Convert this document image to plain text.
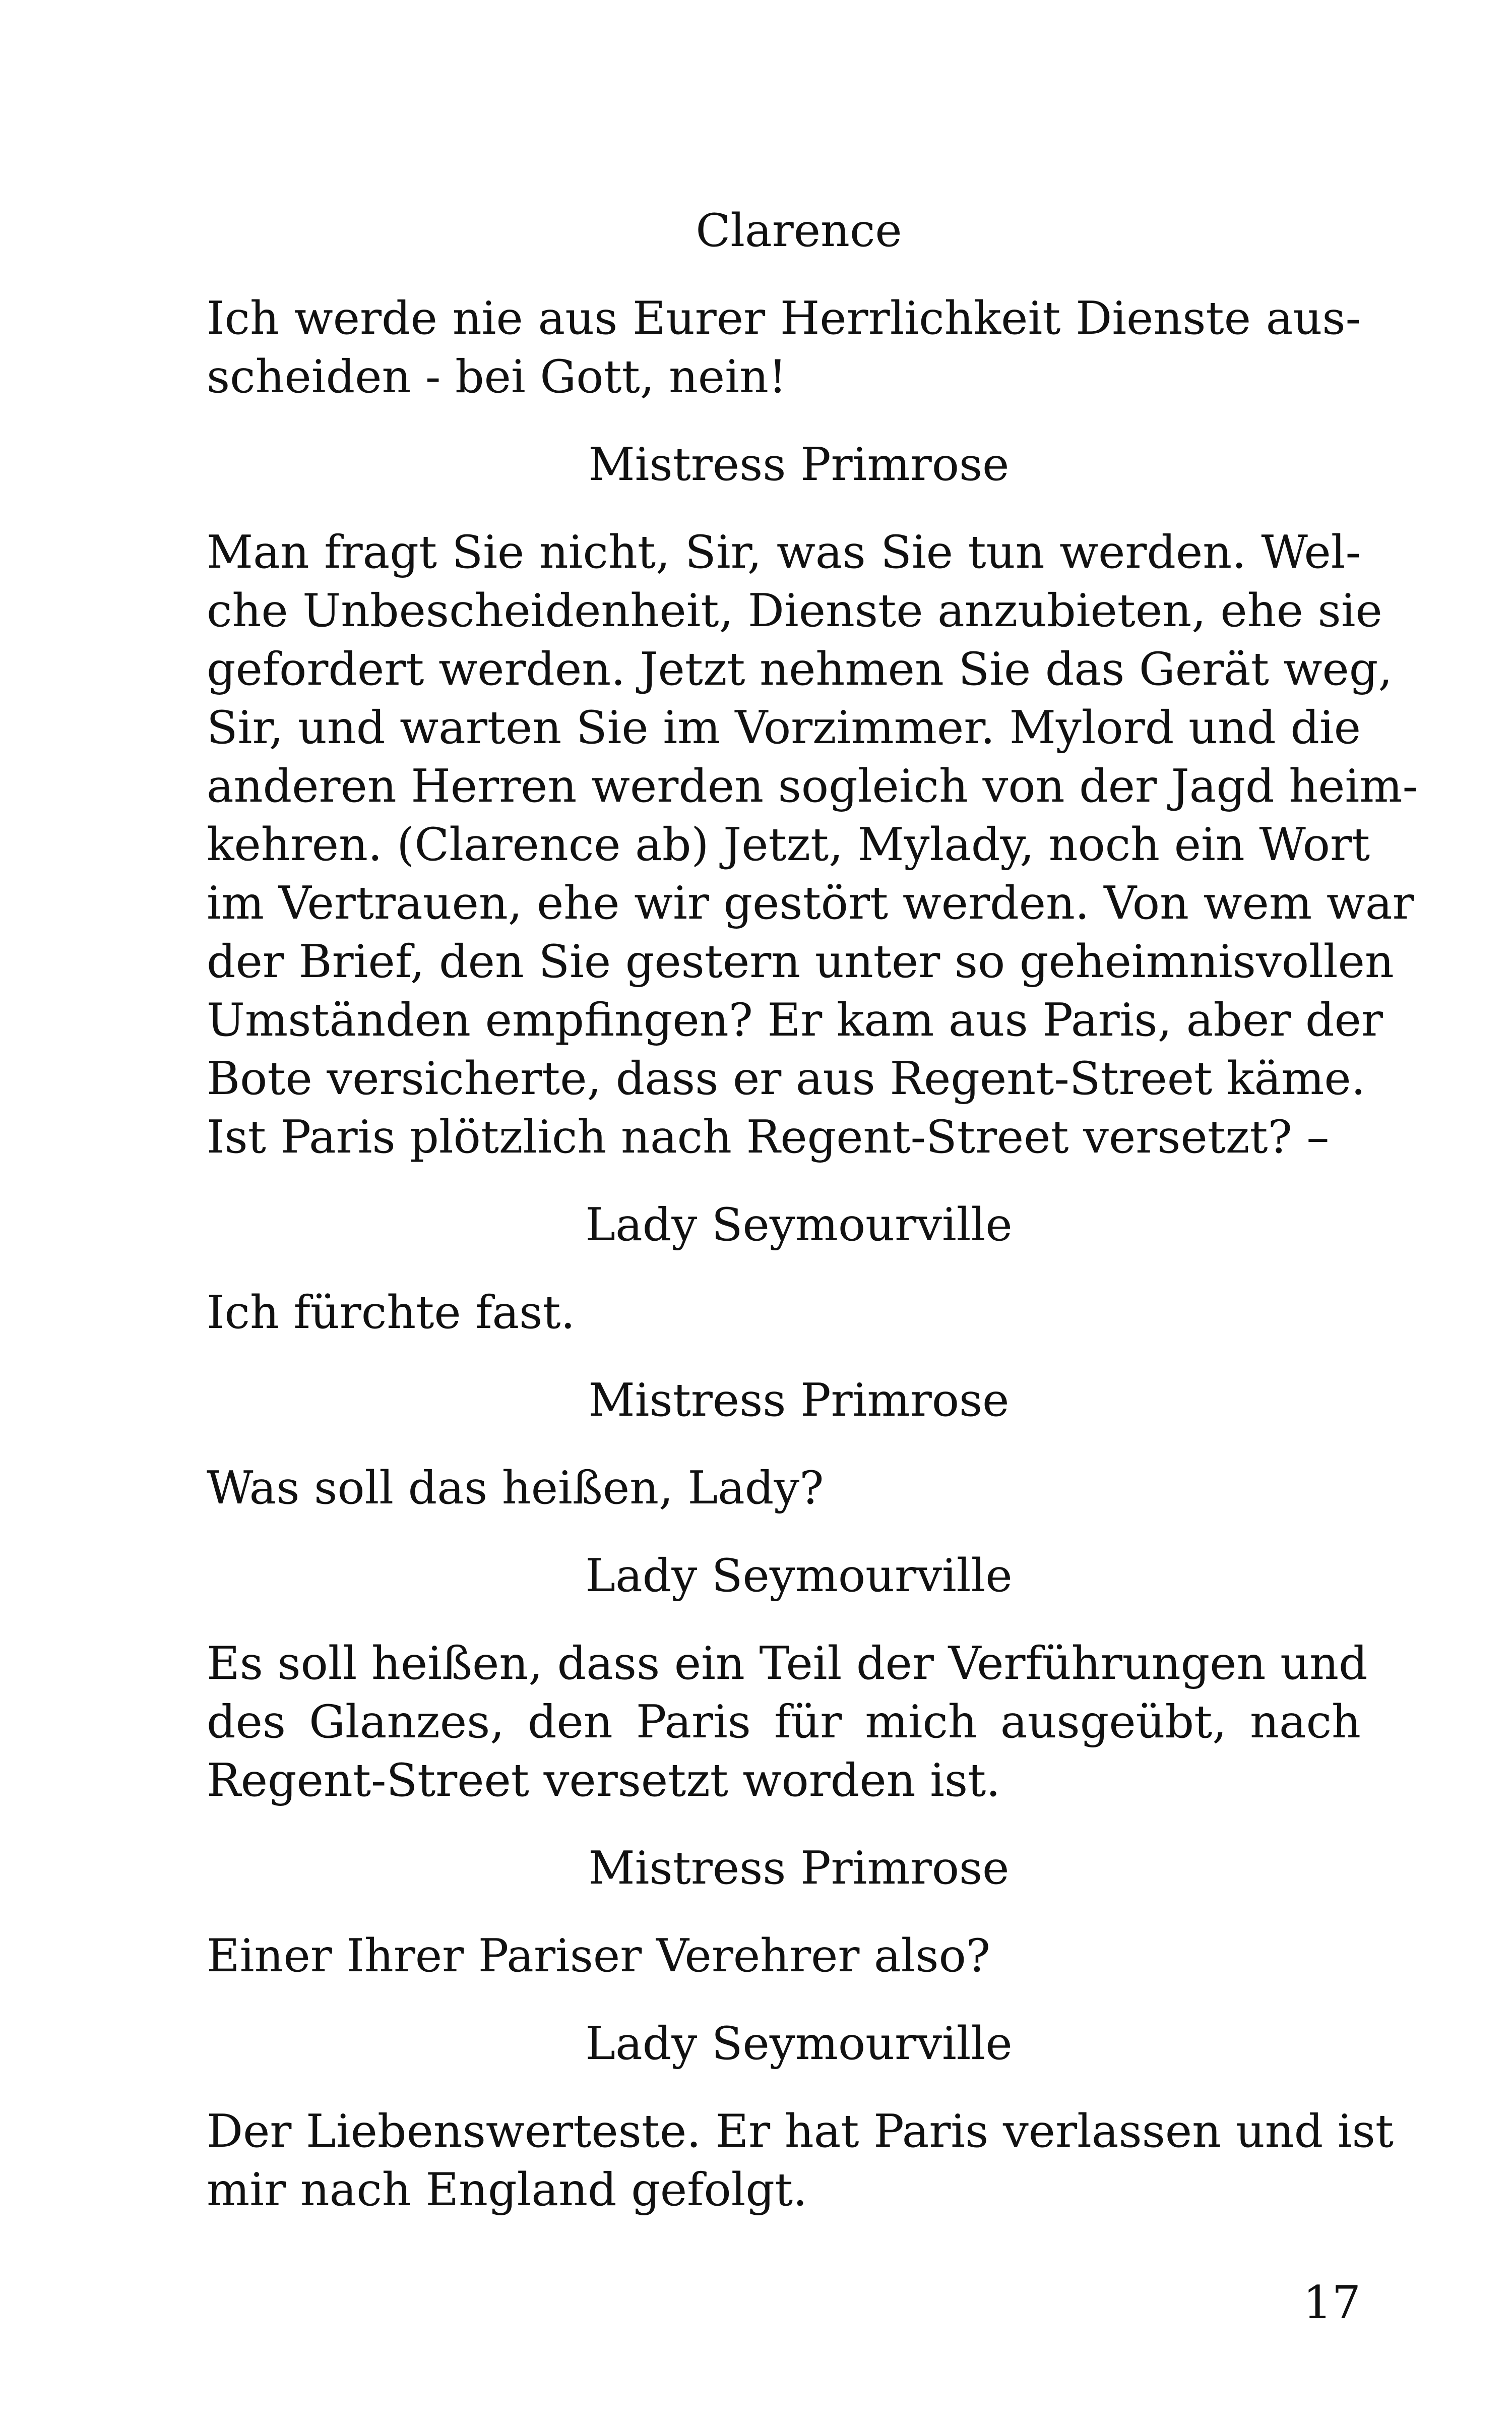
Clarence

Ich werde nie aus Eurer Herrlichkeit Dienste aus-
scheiden - bei Gott, nein!

Mistress Primrose

Man fragt Sie nicht, Sir, was Sie tun werden. Wel-
che Unbescheidenheit, Dienste anzubieten, ehe sie
gefordert werden. Jetzt nehmen Sie das Gerät weg,
Sir, und warten Sie im Vorzimmer. Mylord und die
anderen Herren werden sogleich von der Jagd heim-
kehren. (Clarence ab) Jetzt, Mylady, noch ein Wort
im Vertrauen, ehe wir gestört werden. Von wem war
der Brief, den Sie gestern unter so geheimnisvollen
Umständen empfingen? Er kam aus Paris, aber der
Bote versicherte, dass er aus Regent-Street käme.
Ist Paris plötzlich nach Regent-Street versetzt? –

Lady Seymourville

Ich fürchte fast.

Mistress Primrose

Was soll das heißen, Lady?

Lady Seymourville

Es soll heißen, dass ein Teil der Verführungen und
des Glanzes, den Paris für mich ausgeübt, nach
Regent-Street versetzt worden ist.

Mistress Primrose

Einer Ihrer Pariser Verehrer also?

Lady Seymourville

Der Liebenswerteste. Er hat Paris verlassen und ist
mir nach England gefolgt.

17
